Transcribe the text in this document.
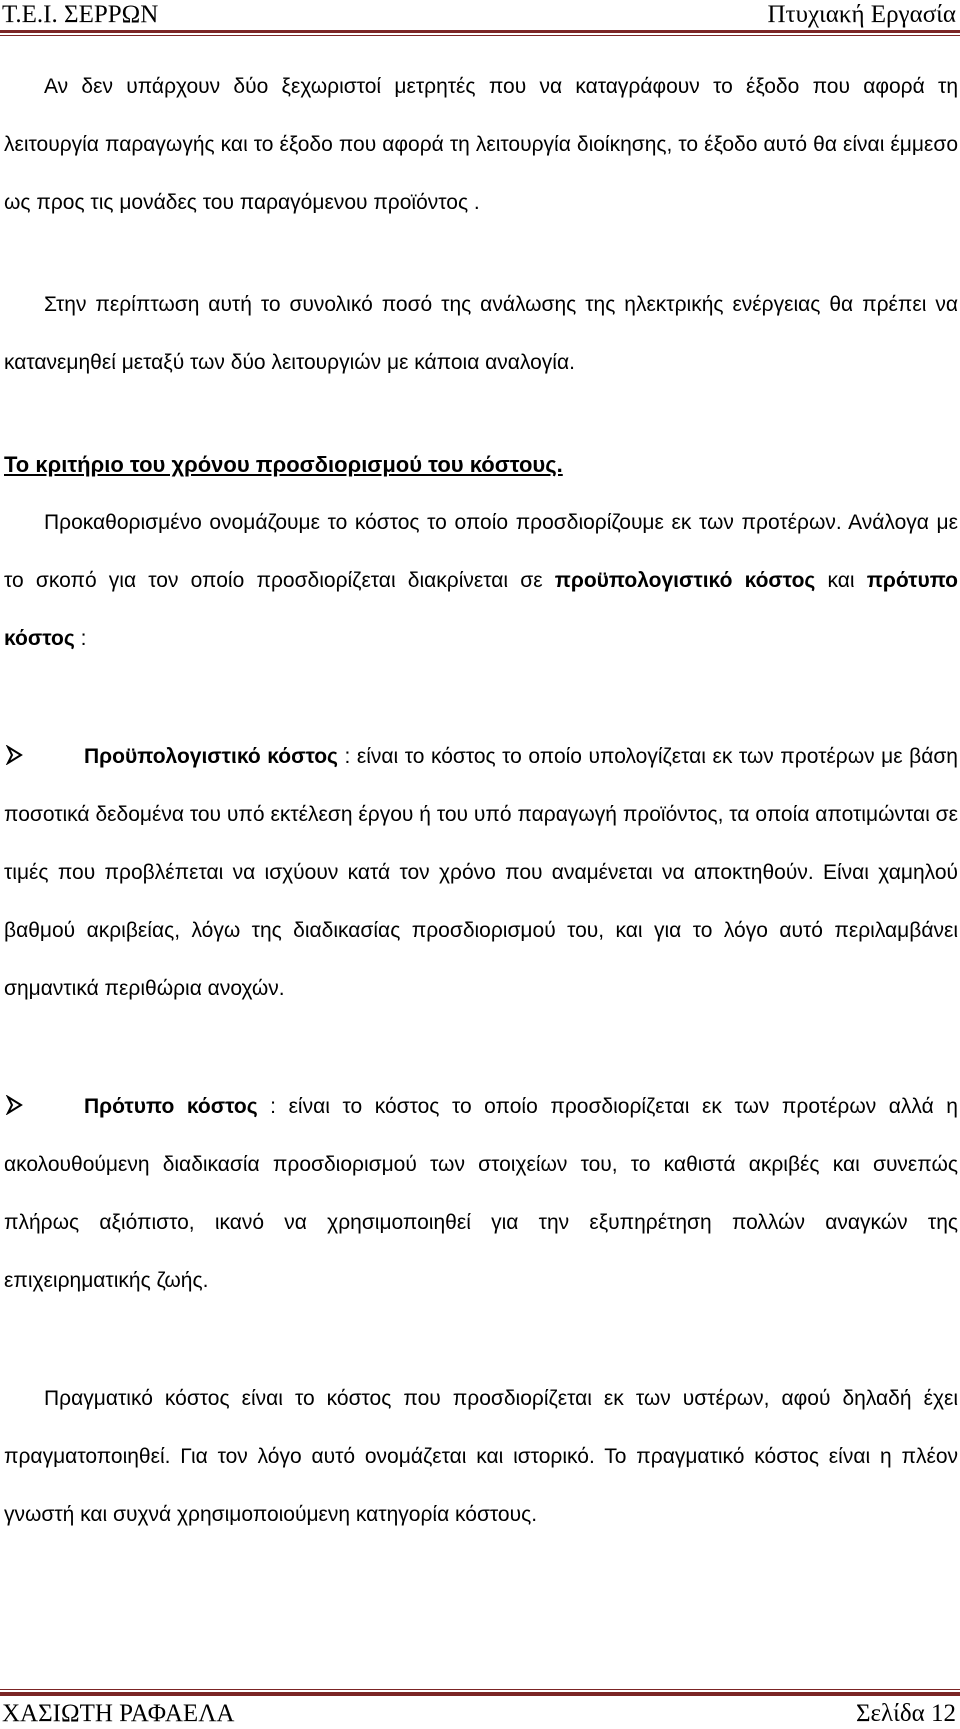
Τ.Ε.Ι. ΣΕΡΡΩΝ	Πτυχιακή Εργασία

Αν δεν υπάρχουν δύο ξεχωριστοί μετρητές που να καταγράφουν το έξοδο που αφορά τη λειτουργία παραγωγής και το έξοδο που αφορά τη λειτουργία διοίκησης, το έξοδο αυτό θα είναι έμμεσο ως προς τις μονάδες του παραγόμενου προϊόντος .

Στην περίπτωση αυτή το συνολικό ποσό της ανάλωσης της ηλεκτρικής ενέργειας θα πρέπει να κατανεμηθεί μεταξύ των δύο λειτουργιών με κάποια αναλογία.

Το κριτήριο του χρόνου προσδιορισμού του κόστους.

Προκαθορισμένο ονομάζουμε το κόστος το οποίο προσδιορίζουμε εκ των προτέρων. Ανάλογα με το σκοπό για τον οποίο προσδιορίζεται διακρίνεται σε προϋπολογιστικό κόστος και πρότυπο κόστος :

Προϋπολογιστικό κόστος : είναι το κόστος το οποίο υπολογίζεται εκ των προτέρων με βάση ποσοτικά δεδομένα του υπό εκτέλεση έργου ή του υπό παραγωγή προϊόντος, τα οποία αποτιμώνται σε τιμές που προβλέπεται να ισχύουν κατά τον χρόνο που αναμένεται να αποκτηθούν. Είναι χαμηλού βαθμού ακριβείας, λόγω της διαδικασίας προσδιορισμού του, και για το λόγο αυτό περιλαμβάνει σημαντικά περιθώρια ανοχών.

Πρότυπο κόστος : είναι το κόστος το οποίο προσδιορίζεται εκ των προτέρων αλλά η ακολουθούμενη διαδικασία προσδιορισμού των στοιχείων του, το καθιστά ακριβές και συνεπώς πλήρως αξιόπιστο, ικανό να χρησιμοποιηθεί για την εξυπηρέτηση πολλών αναγκών της επιχειρηματικής ζωής.

Πραγματικό κόστος είναι το κόστος που προσδιορίζεται εκ των υστέρων, αφού δηλαδή έχει πραγματοποιηθεί. Για τον λόγο αυτό ονομάζεται και ιστορικό. Το πραγματικό κόστος είναι η πλέον γνωστή και συχνά χρησιμοποιούμενη κατηγορία κόστους.

ΧΑΣΙΩΤΗ ΡΑΦΑΕΛΑ	Σελίδα 12
